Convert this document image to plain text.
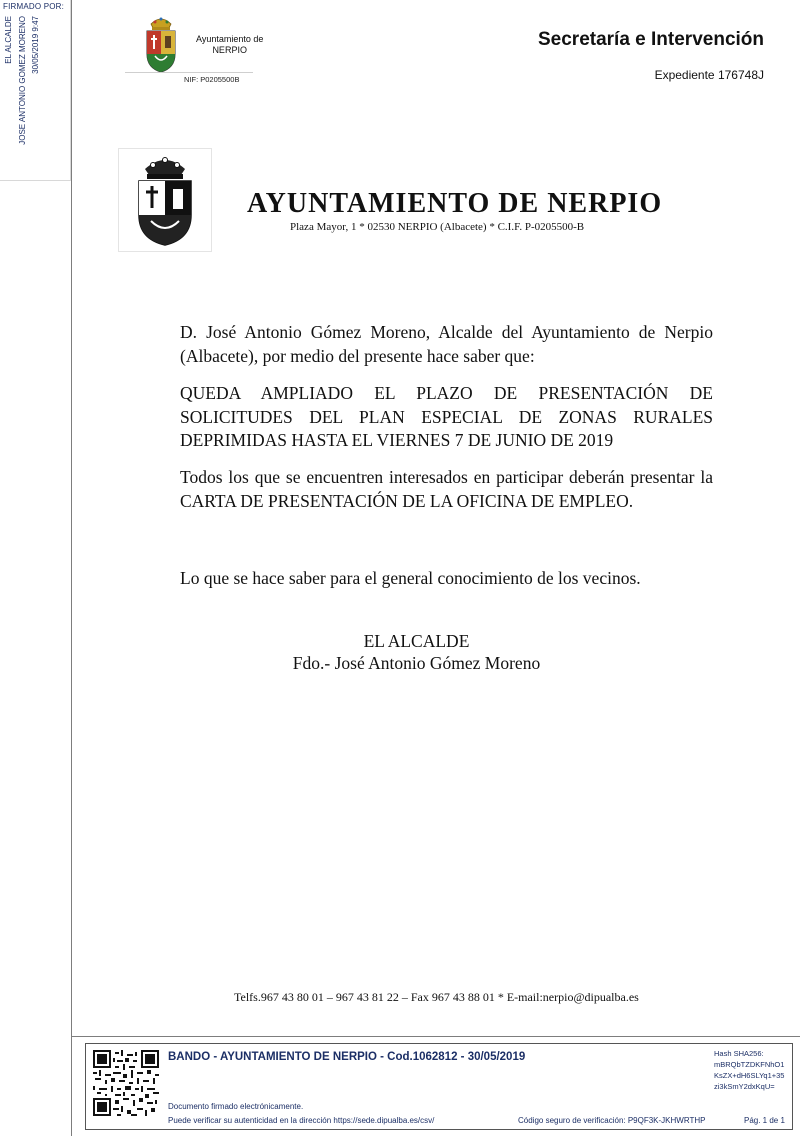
FIRMADO POR:
EL ALCALDE JOSE ANTONIO GOMEZ MORENO 30/05/2019 9:47	Ayuntamiento de
NERPIO
NIF: P0205500B
Secretaría e Intervención
Expediente 176748J
AYUNTAMIENTO DE NERPIO
Plaza Mayor, 1 * 02530 NERPIO (Albacete) * C.I.F. P-0205500-B
D. José Antonio Gómez Moreno, Alcalde del Ayuntamiento de Nerpio (Albacete), por medio del presente hace saber que:
QUEDA AMPLIADO EL PLAZO DE PRESENTACIÓN DE SOLICITUDES DEL PLAN ESPECIAL DE ZONAS RURALES DEPRIMIDAS HASTA EL VIERNES 7 DE JUNIO DE 2019
Todos los que se encuentren interesados en participar deberán presentar la CARTA DE PRESENTACIÓN DE LA OFICINA DE EMPLEO.
Lo que se hace saber para el general conocimiento de los vecinos.
EL ALCALDE
Fdo.- José Antonio Gómez Moreno
Telfs.967 43 80 01 – 967 43 81 22 – Fax 967 43 88 01 * E-mail:nerpio@dipualba.es
BANDO - AYUNTAMIENTO DE NERPIO - Cod.1062812 - 30/05/2019
Documento firmado electrónicamente.
Puede verificar su autenticidad en la dirección https://sede.dipualba.es/csv/	Código seguro de verificación: P9QF3K-JKHWRTHP	Pág. 1 de 1
Hash SHA256:
mBRQbTZDKFNhO1
KsZX+dH6SLYq1+35
zi3kSmY2dxKqU=
